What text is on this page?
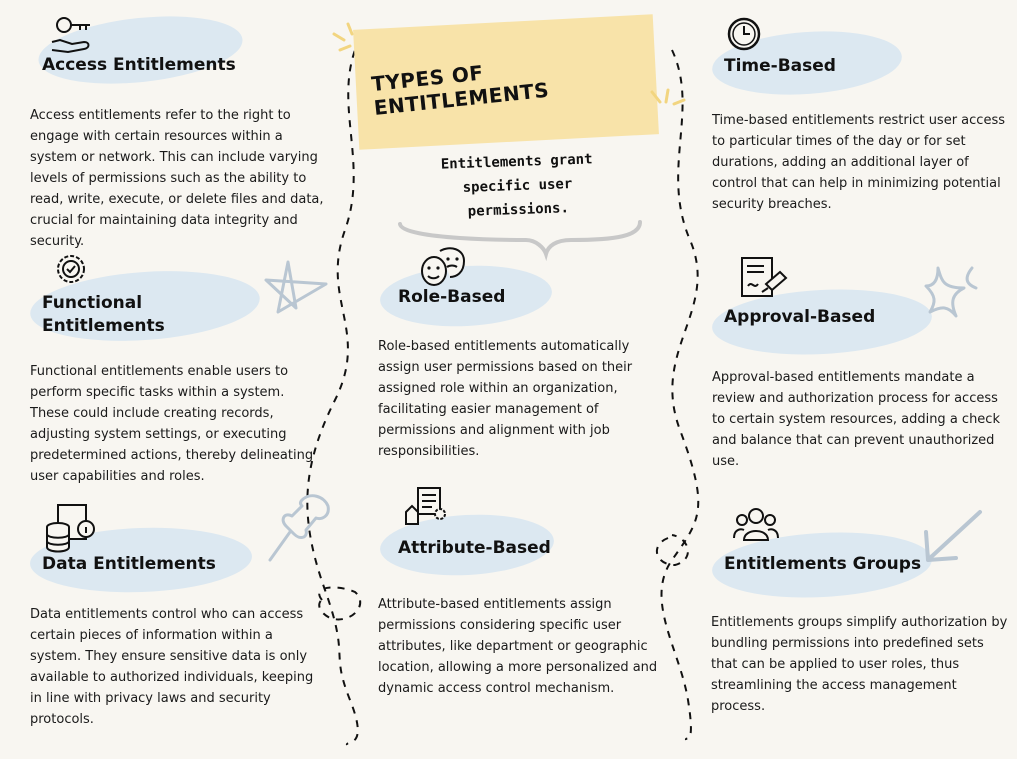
TYPES OF ENTITLEMENTS
Entitlements grant specific user permissions.
Access Entitlements
Access entitlements refer to the right to engage with certain resources within a system or network. This can include varying levels of permissions such as the ability to read, write, execute, or delete files and data, crucial for maintaining data integrity and security.
Functional Entitlements
Functional entitlements enable users to perform specific tasks within a system. These could include creating records, adjusting system settings, or executing predetermined actions, thereby delineating user capabilities and roles.
Data Entitlements
Data entitlements control who can access certain pieces of information within a system. They ensure sensitive data is only available to authorized individuals, keeping in line with privacy laws and security protocols.
Role-Based
Role-based entitlements automatically assign user permissions based on their assigned role within an organization, facilitating easier management of permissions and alignment with job responsibilities.
Attribute-Based
Attribute-based entitlements assign permissions considering specific user attributes, like department or geographic location, allowing a more personalized and dynamic access control mechanism.
Time-Based
Time-based entitlements restrict user access to particular times of the day or for set durations, adding an additional layer of control that can help in minimizing potential security breaches.
Approval-Based
Approval-based entitlements mandate a review and authorization process for access to certain system resources, adding a check and balance that can prevent unauthorized use.
Entitlements Groups
Entitlements groups simplify authorization by bundling permissions into predefined sets that can be applied to user roles, thus streamlining the access management process.
